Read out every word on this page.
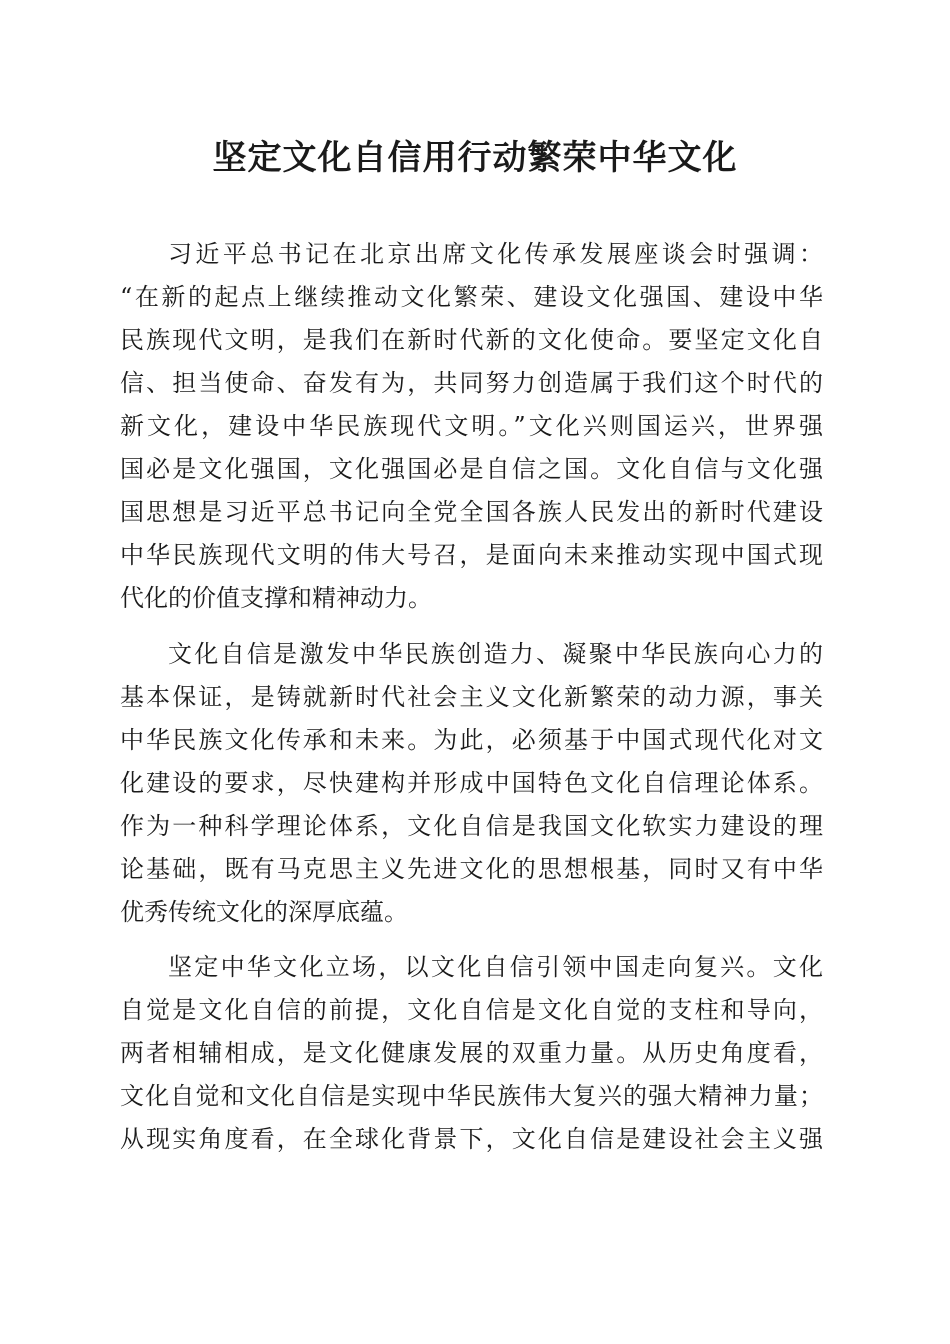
坚定文化自信用行动繁荣中华文化
习近平总书记在北京出席文化传承发展座谈会时强调：
“在新的起点上继续推动文化繁荣、建设文化强国、建设中华
民族现代文明，是我们在新时代新的文化使命。要坚定文化自
信、担当使命、奋发有为，共同努力创造属于我们这个时代的
新文化，建设中华民族现代文明。”文化兴则国运兴，世界强
国必是文化强国，文化强国必是自信之国。文化自信与文化强
国思想是习近平总书记向全党全国各族人民发出的新时代建设
中华民族现代文明的伟大号召，是面向未来推动实现中国式现
代化的价值支撑和精神动力。
文化自信是激发中华民族创造力、凝聚中华民族向心力的
基本保证，是铸就新时代社会主义文化新繁荣的动力源，事关
中华民族文化传承和未来。为此，必须基于中国式现代化对文
化建设的要求，尽快建构并形成中国特色文化自信理论体系。
作为一种科学理论体系，文化自信是我国文化软实力建设的理
论基础，既有马克思主义先进文化的思想根基，同时又有中华
优秀传统文化的深厚底蕴。
坚定中华文化立场，以文化自信引领中国走向复兴。文化
自觉是文化自信的前提，文化自信是文化自觉的支柱和导向，
两者相辅相成，是文化健康发展的双重力量。从历史角度看，
文化自觉和文化自信是实现中华民族伟大复兴的强大精神力量；
从现实角度看，在全球化背景下，文化自信是建设社会主义强
